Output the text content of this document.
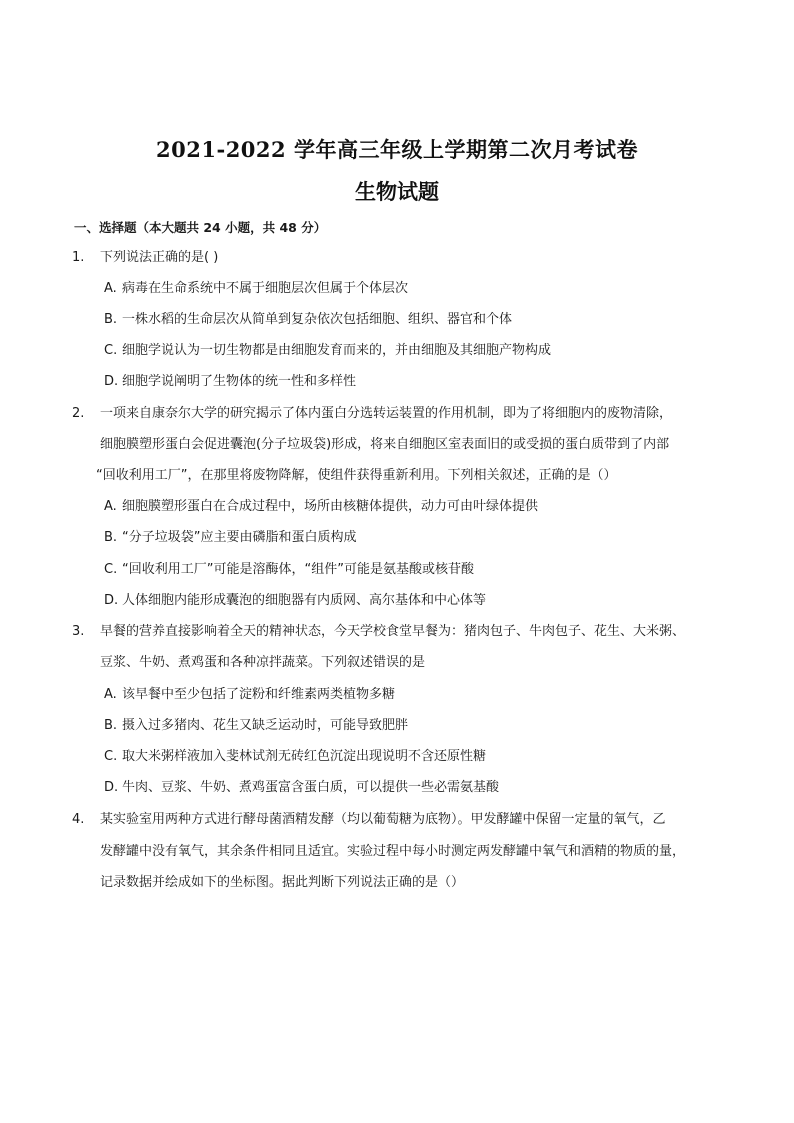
2021-2022 学年高三年级上学期第二次月考试卷
生物试题
一、选择题（本大题共 24 小题，共 48 分）
1. 下列说法正确的是( )
A. 病毒在生命系统中不属于细胞层次但属于个体层次
B. 一株水稻的生命层次从简单到复杂依次包括细胞、组织、器官和个体
C. 细胞学说认为一切生物都是由细胞发育而来的，并由细胞及其细胞产物构成
D. 细胞学说阐明了生物体的统一性和多样性
2. 一项来自康奈尔大学的研究揭示了体内蛋白分选转运装置的作用机制，即为了将细胞内的废物清除，
细胞膜塑形蛋白会促进囊泡(分子垃圾袋)形成，将来自细胞区室表面旧的或受损的蛋白质带到了内部
“回收利用工厂”，在那里将废物降解，使组件获得重新利用。下列相关叙述，正确的是（）
A. 细胞膜塑形蛋白在合成过程中，场所由核糖体提供，动力可由叶绿体提供
B. “分子垃圾袋”应主要由磷脂和蛋白质构成
C. “回收利用工厂”可能是溶酶体，“组件”可能是氨基酸或核苷酸
D. 人体细胞内能形成囊泡的细胞器有内质网、高尔基体和中心体等
3. 早餐的营养直接影响着全天的精神状态，今天学校食堂早餐为：猪肉包子、牛肉包子、花生、大米粥、
豆浆、牛奶、煮鸡蛋和各种凉拌蔬菜。下列叙述错误的是
A. 该早餐中至少包括了淀粉和纤维素两类植物多糖
B. 摄入过多猪肉、花生又缺乏运动时，可能导致肥胖
C. 取大米粥样液加入斐林试剂无砖红色沉淀出现说明不含还原性糖
D. 牛肉、豆浆、牛奶、煮鸡蛋富含蛋白质，可以提供一些必需氨基酸
4. 某实验室用两种方式进行酵母菌酒精发酵（均以葡萄糖为底物）。甲发酵罐中保留一定量的氧气，乙
发酵罐中没有氧气，其余条件相同且适宜。实验过程中每小时测定两发酵罐中氧气和酒精的物质的量，
记录数据并绘成如下的坐标图。据此判断下列说法正确的是（）
